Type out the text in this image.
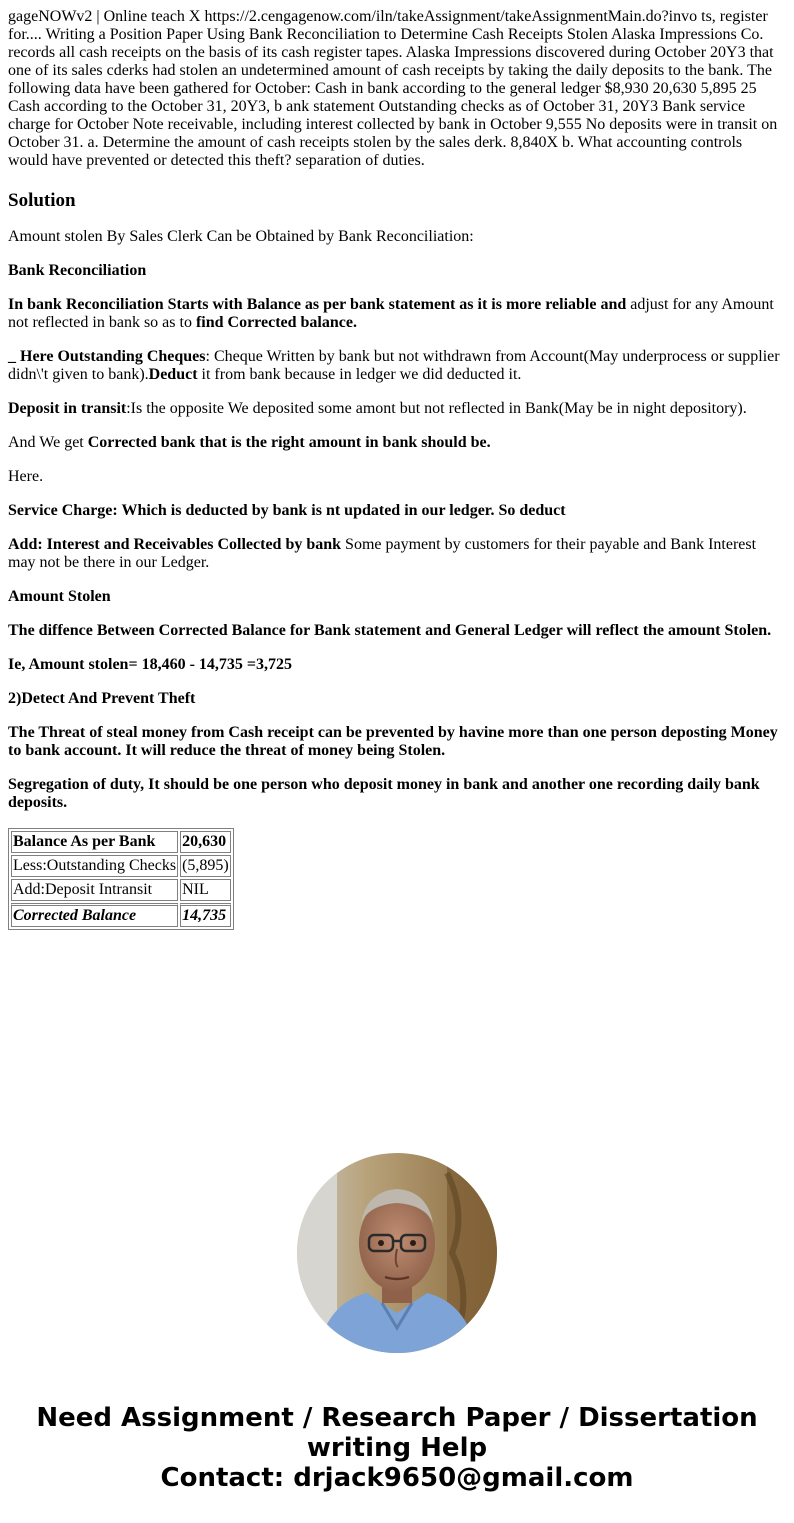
gageNOWv2 | Online teach X https://2.cengagenow.com/iln/takeAssignment/takeAssignmentMain.do?invo ts, register for.... Writing a Position Paper Using Bank Reconciliation to Determine Cash Receipts Stolen Alaska Impressions Co. records all cash receipts on the basis of its cash register tapes. Alaska Impressions discovered during October 20Y3 that one of its sales cderks had stolen an undetermined amount of cash receipts by taking the daily deposits to the bank. The following data have been gathered for October: Cash in bank according to the general ledger $8,930 20,630 5,895 25 Cash according to the October 31, 20Y3, b ank statement Outstanding checks as of October 31, 20Y3 Bank service charge for October Note receivable, including interest collected by bank in October 9,555 No deposits were in transit on October 31. a. Determine the amount of cash receipts stolen by the sales derk. 8,840X b. What accounting controls would have prevented or detected this theft? separation of duties.

Solution

Amount stolen By Sales Clerk Can be Obtained by Bank Reconciliation:

Bank Reconciliation

In bank Reconciliation Starts with Balance as per bank statement as it is more reliable and adjust for any Amount not reflected in bank so as to find Corrected balance.

_ Here Outstanding Cheques: Cheque Written by bank but not withdrawn from Account(May underprocess or supplier didn\'t given to bank).Deduct it from bank because in ledger we did deducted it.

Deposit in transit:Is the opposite We deposited some amont but not reflected in Bank(May be in night depository).

And We get Corrected bank that is the right amount in bank should be.

Here.

Service Charge: Which is deducted by bank is nt updated in our ledger. So deduct

Add: Interest and Receivables Collected by bank Some payment by customers for their payable and Bank Interest may not be there in our Ledger.

Amount Stolen

The diffence Between Corrected Balance for Bank statement and General Ledger will reflect the amount Stolen.

Ie, Amount stolen= 18,460 - 14,735 =3,725

2)Detect And Prevent Theft

The Threat of steal money from Cash receipt can be prevented by havine more than one person deposting Money to bank account. It will reduce the threat of money being Stolen.

Segregation of duty, It should be one person who deposit money in bank and another one recording daily bank deposits.

Balance As per Bank	20,630
Less:Outstanding Checks	(5,895)
Add:Deposit Intransit	NIL
Corrected Balance	14,735
Need Assignment / Research Paper / Dissertation
writing Help
Contact: drjack9650@gmail.com
